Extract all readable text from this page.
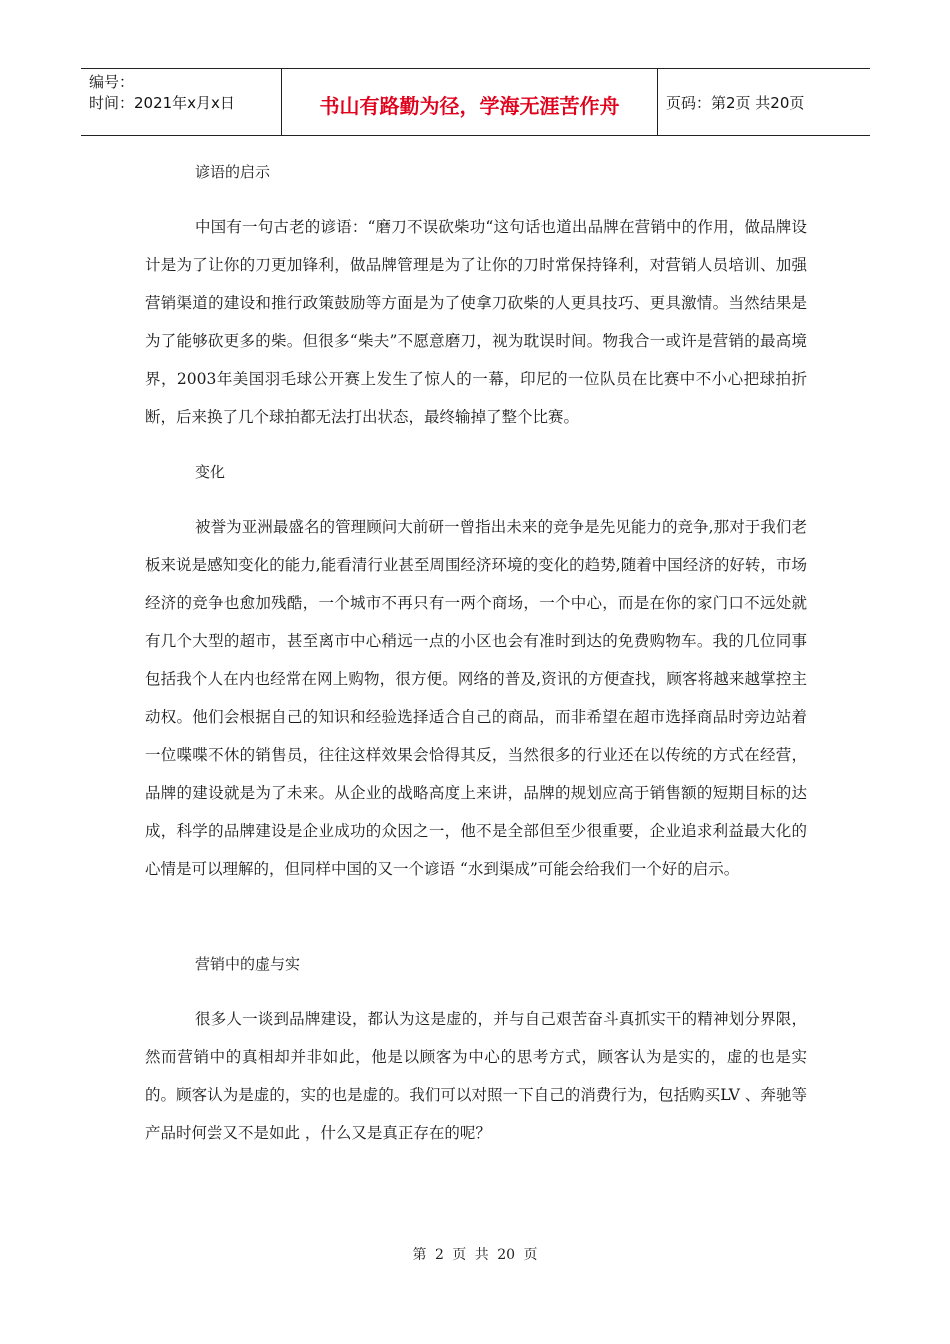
编号：
时间：2021年x月x日	书山有路勤为径，学海无涯苦作舟	页码：第2页 共20页

谚语的启示

中国有一句古老的谚语：“磨刀不误砍柴功“这句话也道出品牌在营销中的作用，做品牌设计是为了让你的刀更加锋利，做品牌管理是为了让你的刀时常保持锋利，对营销人员培训、加强营销渠道的建设和推行政策鼓励等方面是为了使拿刀砍柴的人更具技巧、更具激情。当然结果是为了能够砍更多的柴。但很多“柴夫”不愿意磨刀，视为耽误时间。物我合一或许是营销的最高境界，2003年美国羽毛球公开赛上发生了惊人的一幕，印尼的一位队员在比赛中不小心把球拍折断，后来换了几个球拍都无法打出状态，最终输掉了整个比赛。

变化

被誉为亚洲最盛名的管理顾问大前研一曾指出未来的竞争是先见能力的竞争,那对于我们老板来说是感知变化的能力,能看清行业甚至周围经济环境的变化的趋势,随着中国经济的好转，市场经济的竞争也愈加残酷，一个城市不再只有一两个商场，一个中心，而是在你的家门口不远处就有几个大型的超市，甚至离市中心稍远一点的小区也会有准时到达的免费购物车。我的几位同事包括我个人在内也经常在网上购物，很方便。网络的普及,资讯的方便查找，顾客将越来越掌控主动权。他们会根据自己的知识和经验选择适合自己的商品，而非希望在超市选择商品时旁边站着一位喋喋不休的销售员，往往这样效果会恰得其反，当然很多的行业还在以传统的方式在经营，品牌的建设就是为了未来。从企业的战略高度上来讲，品牌的规划应高于销售额的短期目标的达成，科学的品牌建设是企业成功的众因之一，他不是全部但至少很重要，企业追求利益最大化的心情是可以理解的，但同样中国的又一个谚语 “水到渠成”可能会给我们一个好的启示。

营销中的虚与实

很多人一谈到品牌建设，都认为这是虚的，并与自己艰苦奋斗真抓实干的精神划分界限，然而营销中的真相却并非如此，他是以顾客为中心的思考方式，顾客认为是实的，虚的也是实的。顾客认为是虚的，实的也是虚的。我们可以对照一下自己的消费行为，包括购买LV 、奔驰等产品时何尝又不是如此 ，什么又是真正存在的呢？

第 2 页 共 20 页
